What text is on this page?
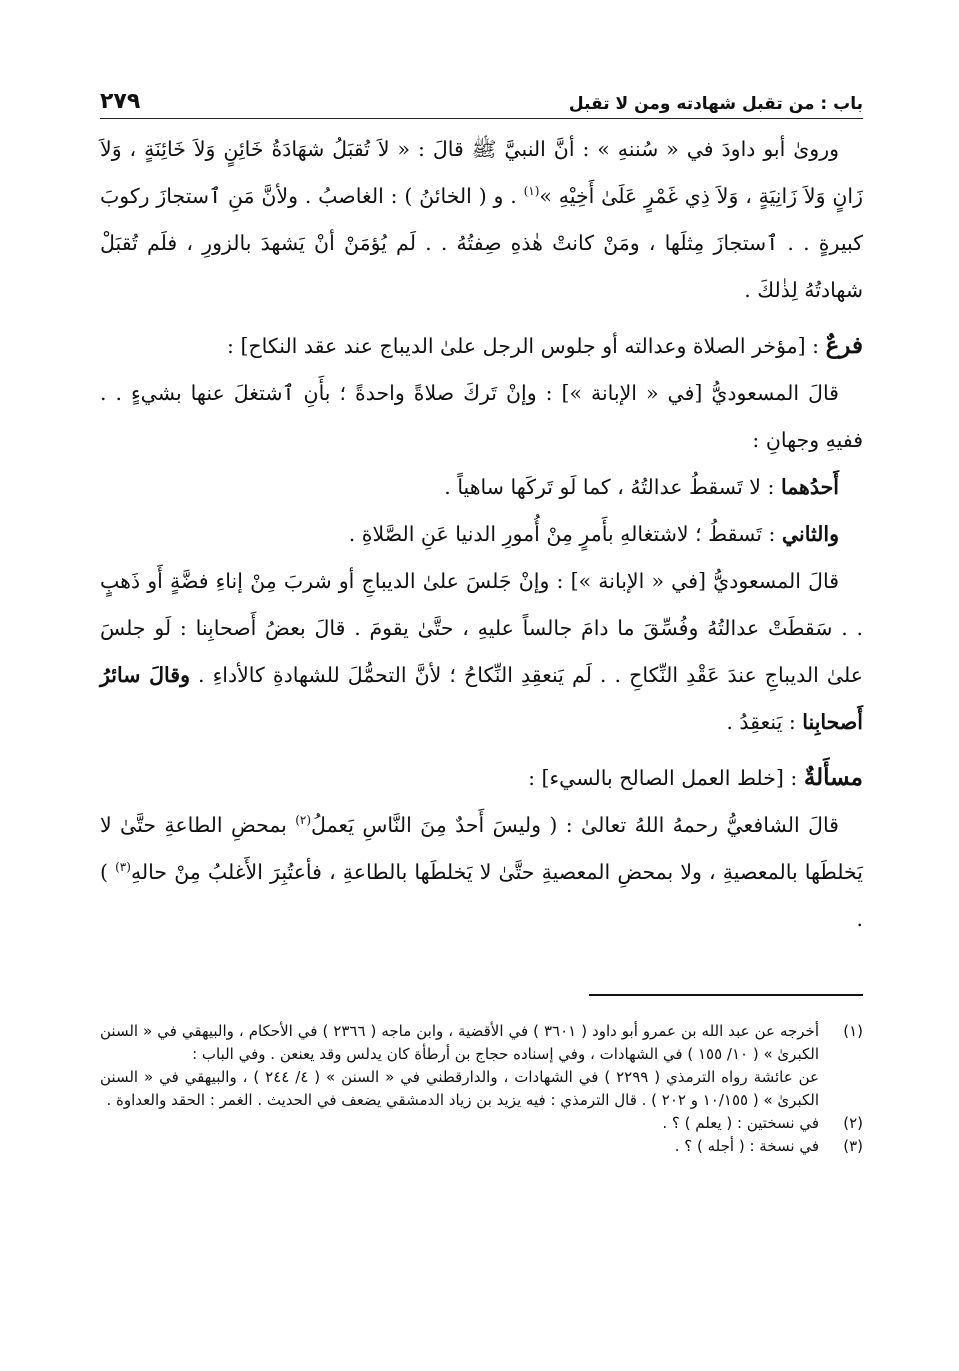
باب : من تقبل شهادته ومن لا تقبل
٢٧٩

وروىٰ أبو داودَ في « سُننهِ » : أنَّ النبيَّ ﷺ قالَ : « لاَ تُقبَلُ شهَادَةُ خَائِنٍ وَلاَ خَائِنَةٍ ، وَلاَ زَانٍ وَلاَ زَانِيَةٍ ، وَلاَ ذِي غَمْرٍ عَلَىٰ أَخِيْهِ »$^{(١)}$ . و ( الخائنُ ) : الغاصبُ . ولأنَّ مَنِ ٱستجازَ ركوبَ كبيرةٍ . . ٱستجازَ مِثلَها ، ومَنْ كانتْ هٰذهِ صِفتُهُ . . لَم يُؤمَنْ أنْ يَشهدَ بالزورِ ، فلَم تُقبَلْ شهادتُهُ لِذٰلكَ .

فرعٌ : [مؤخر الصلاة وعدالته أو جلوس الرجل علىٰ الديباج عند عقد النكاح] :

قالَ المسعوديُّ [في « الإبانة »] : وإنْ تَركَ صلاةً واحدةً ؛ بأَنِ ٱشتغلَ عنها بشيءٍ . . ففيهِ وجهانِ :

أَحدُهما : لا تَسقطُ عدالتُهُ ، كما لَو تَركَها ساهياً .

والثاني : تَسقطُ ؛ لاشتغالهِ بأَمرٍ مِنْ أُمورِ الدنيا عَنِ الصَّلاةِ .

قالَ المسعوديُّ [في « الإبانة »] : وإنْ جَلسَ علىٰ الديباجِ أو شربَ مِنْ إناءِ فضَّةٍ أَو ذَهبٍ . . سَقطَتْ عدالتُهُ وفُسِّقَ ما دامَ جالساً عليهِ ، حتَّىٰ يقومَ . قالَ بعضُ أَصحابِنا : لَو جلسَ علىٰ الديباجِ عندَ عَقْدِ النِّكاحِ . . لَم يَنعقِدِ النِّكاحُ ؛ لأنَّ التحمُّلَ للشهادةِ كالأداءِ . وقالَ سائرُ أَصحابِنا : يَنعقِدُ .

مسأَلةٌ : [خلط العمل الصالح بالسيء] :

قالَ الشافعيُّ رحمهُ اللهُ تعالىٰ : ( وليسَ أَحدٌ مِنَ النَّاسِ يَعملُ$^{(٢)}$ بمحضِ الطاعةِ حتَّىٰ لا يَخلطَها بالمعصيةِ ، ولا بمحضِ المعصيةِ حتَّىٰ لا يَخلطَها بالطاعةِ ، فأعتُبِرَ الأَغلبُ مِنْ حالهِ$^{(٣)}$ ) .

(١)

أخرجه عن عبد الله بن عمرو أبو داود ( ٣٦٠١ ) في الأقضية ، وابن ماجه ( ٢٣٦٦ ) في الأحكام ، والبيهقي في « السنن الكبرىٰ » ( ١٠/ ١٥٥ ) في الشهادات ، وفي إسناده حجاج بن أرطأة كان يدلس وقد يعنعن . وفي الباب :

عن عائشة رواه الترمذي ( ٢٢٩٩ ) في الشهادات ، والدارقطني في « السنن » ( ٤/ ٢٤٤ ) ، والبيهقي في « السنن الكبرىٰ » ( ١٠/١٥٥ و ٢٠٢ ) . قال الترمذي : فيه يزيد بن زياد الدمشقي يضعف في الحديث . الغمر : الحقد والعداوة .

(٢)

في نسختين : ( يعلم ) ؟ .

(٣)

في نسخة : ( أجله ) ؟ .
